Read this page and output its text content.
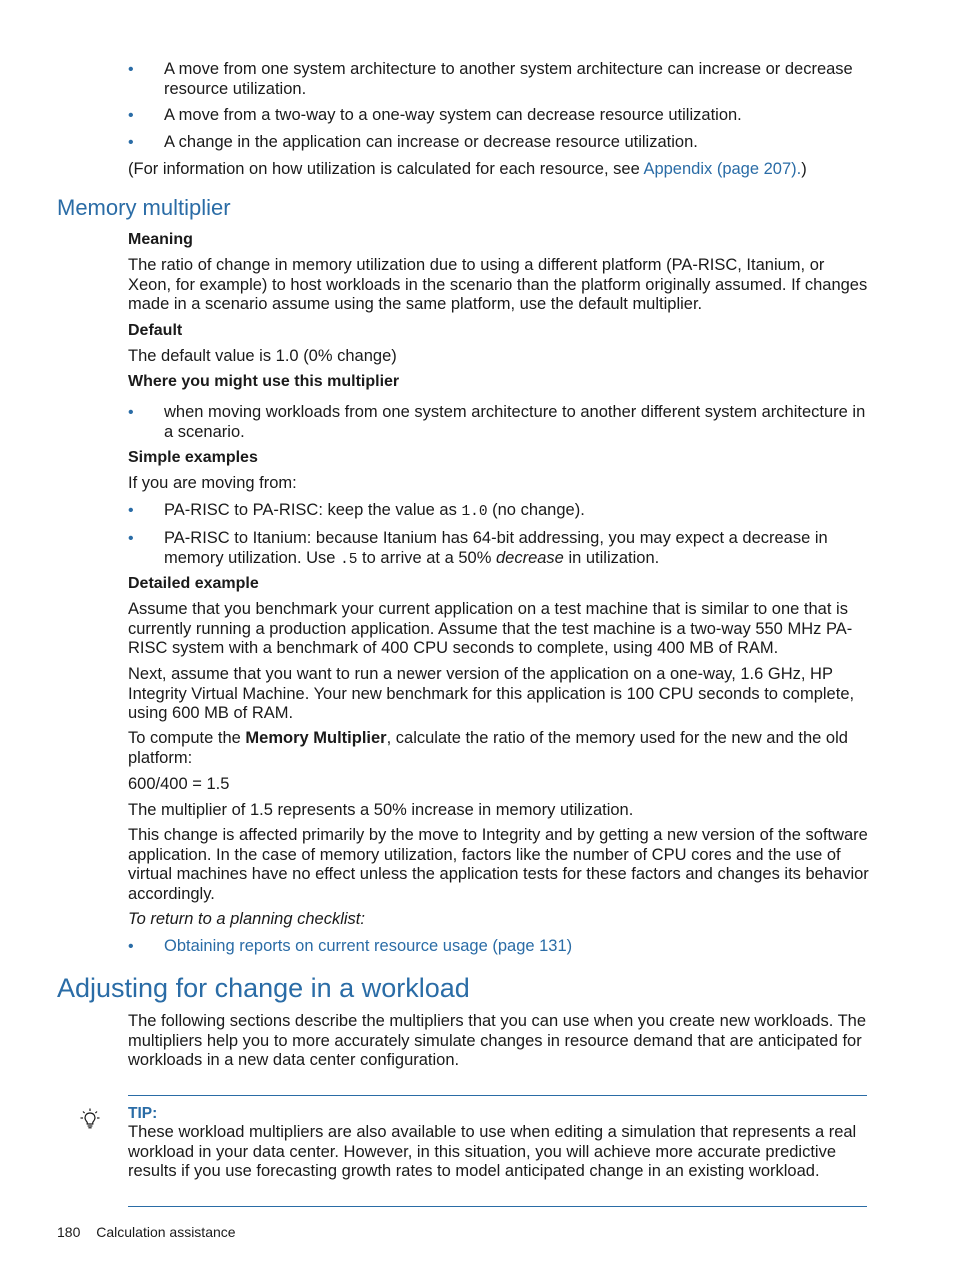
• A move from one system architecture to another system architecture can increase or decrease resource utilization.
• A move from a two-way to a one-way system can decrease resource utilization.
• A change in the application can increase or decrease resource utilization.

(For information on how utilization is calculated for each resource, see Appendix (page 207).)

Memory multiplier
Meaning

The ratio of change in memory utilization due to using a different platform (PA-RISC, Itanium, or Xeon, for example) to host workloads in the scenario than the platform originally assumed. If changes made in a scenario assume using the same platform, use the default multiplier.

Default

The default value is 1.0 (0% change)

Where you might use this multiplier
• when moving workloads from one system architecture to another different system architecture in a scenario.
Simple examples

If you are moving from:

• PA-RISC to PA-RISC: keep the value as 1.0 (no change).
• PA-RISC to Itanium: because Itanium has 64-bit addressing, you may expect a decrease in memory utilization. Use .5 to arrive at a 50% decrease in utilization.
Detailed example

Assume that you benchmark your current application on a test machine that is similar to one that is currently running a production application. Assume that the test machine is a two-way 550 MHz PA-RISC system with a benchmark of 400 CPU seconds to complete, using 400 MB of RAM.

Next, assume that you want to run a newer version of the application on a one-way, 1.6 GHz, HP Integrity Virtual Machine. Your new benchmark for this application is 100 CPU seconds to complete, using 600 MB of RAM.

To compute the Memory Multiplier, calculate the ratio of the memory used for the new and the old platform:

600/400 = 1.5

The multiplier of 1.5 represents a 50% increase in memory utilization.

This change is affected primarily by the move to Integrity and by getting a new version of the software application. In the case of memory utilization, factors like the number of CPU cores and the use of virtual machines have no effect unless the application tests for these factors and changes its behavior accordingly.

To return to a planning checklist:

• Obtaining reports on current resource usage (page 131)
Adjusting for change in a workload

The following sections describe the multipliers that you can use when you create new workloads. The multipliers help you to more accurately simulate changes in resource demand that are anticipated for workloads in a new data center configuration.

TIP:

These workload multipliers are also available to use when editing a simulation that represents a real workload in your data center. However, in this situation, you will achieve more accurate predictive results if you use forecasting growth rates to model anticipated change in an existing workload.

180 Calculation assistance
